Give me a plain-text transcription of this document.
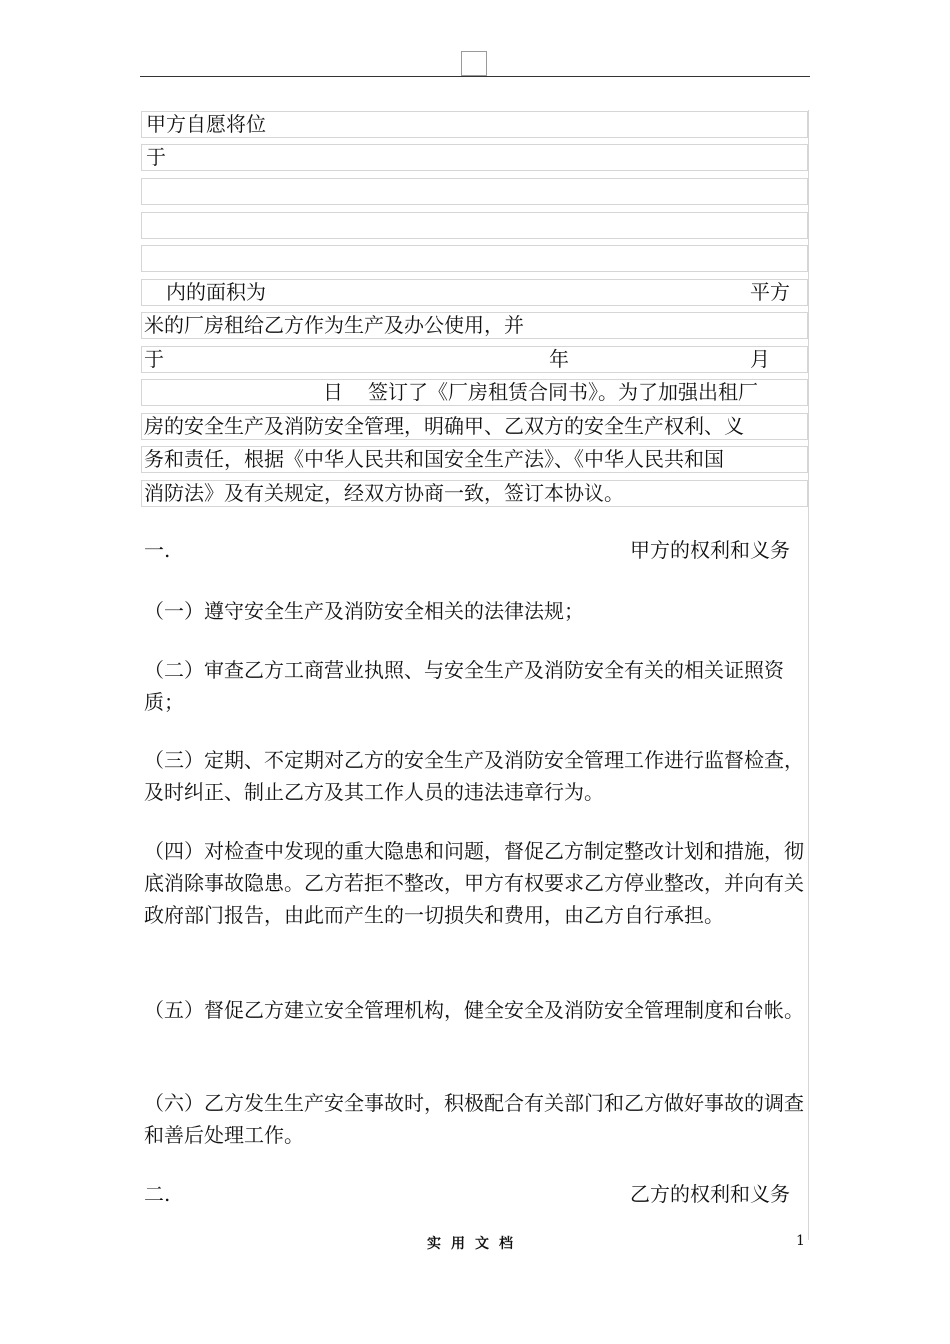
甲方自愿将位
于
内的面积为	平方
米的厂房租给乙方作为生产及办公使用，并
于	年	月
日 签订了《厂房租赁合同书》。为了加强出租厂
房的安全生产及消防安全管理，明确甲、乙双方的安全生产权利、义
务和责任，根据《中华人民共和国安全生产法》、《中华人民共和国
消防法》及有关规定，经双方协商一致，签订本协议。
一.	甲方的权利和义务
（一）遵守安全生产及消防安全相关的法律法规；
（二）审查乙方工商营业执照、与安全生产及消防安全有关的相关证照资质；
（三）定期、不定期对乙方的安全生产及消防安全管理工作进行监督检查，及时纠正、制止乙方及其工作人员的违法违章行为。
（四）对检查中发现的重大隐患和问题，督促乙方制定整改计划和措施，彻底消除事故隐患。乙方若拒不整改，甲方有权要求乙方停业整改，并向有关政府部门报告，由此而产生的一切损失和费用，由乙方自行承担。
（五）督促乙方建立安全管理机构，健全安全及消防安全管理制度和台帐。
（六）乙方发生生产安全事故时，积极配合有关部门和乙方做好事故的调查和善后处理工作。
二.	乙方的权利和义务
实用文档	1
